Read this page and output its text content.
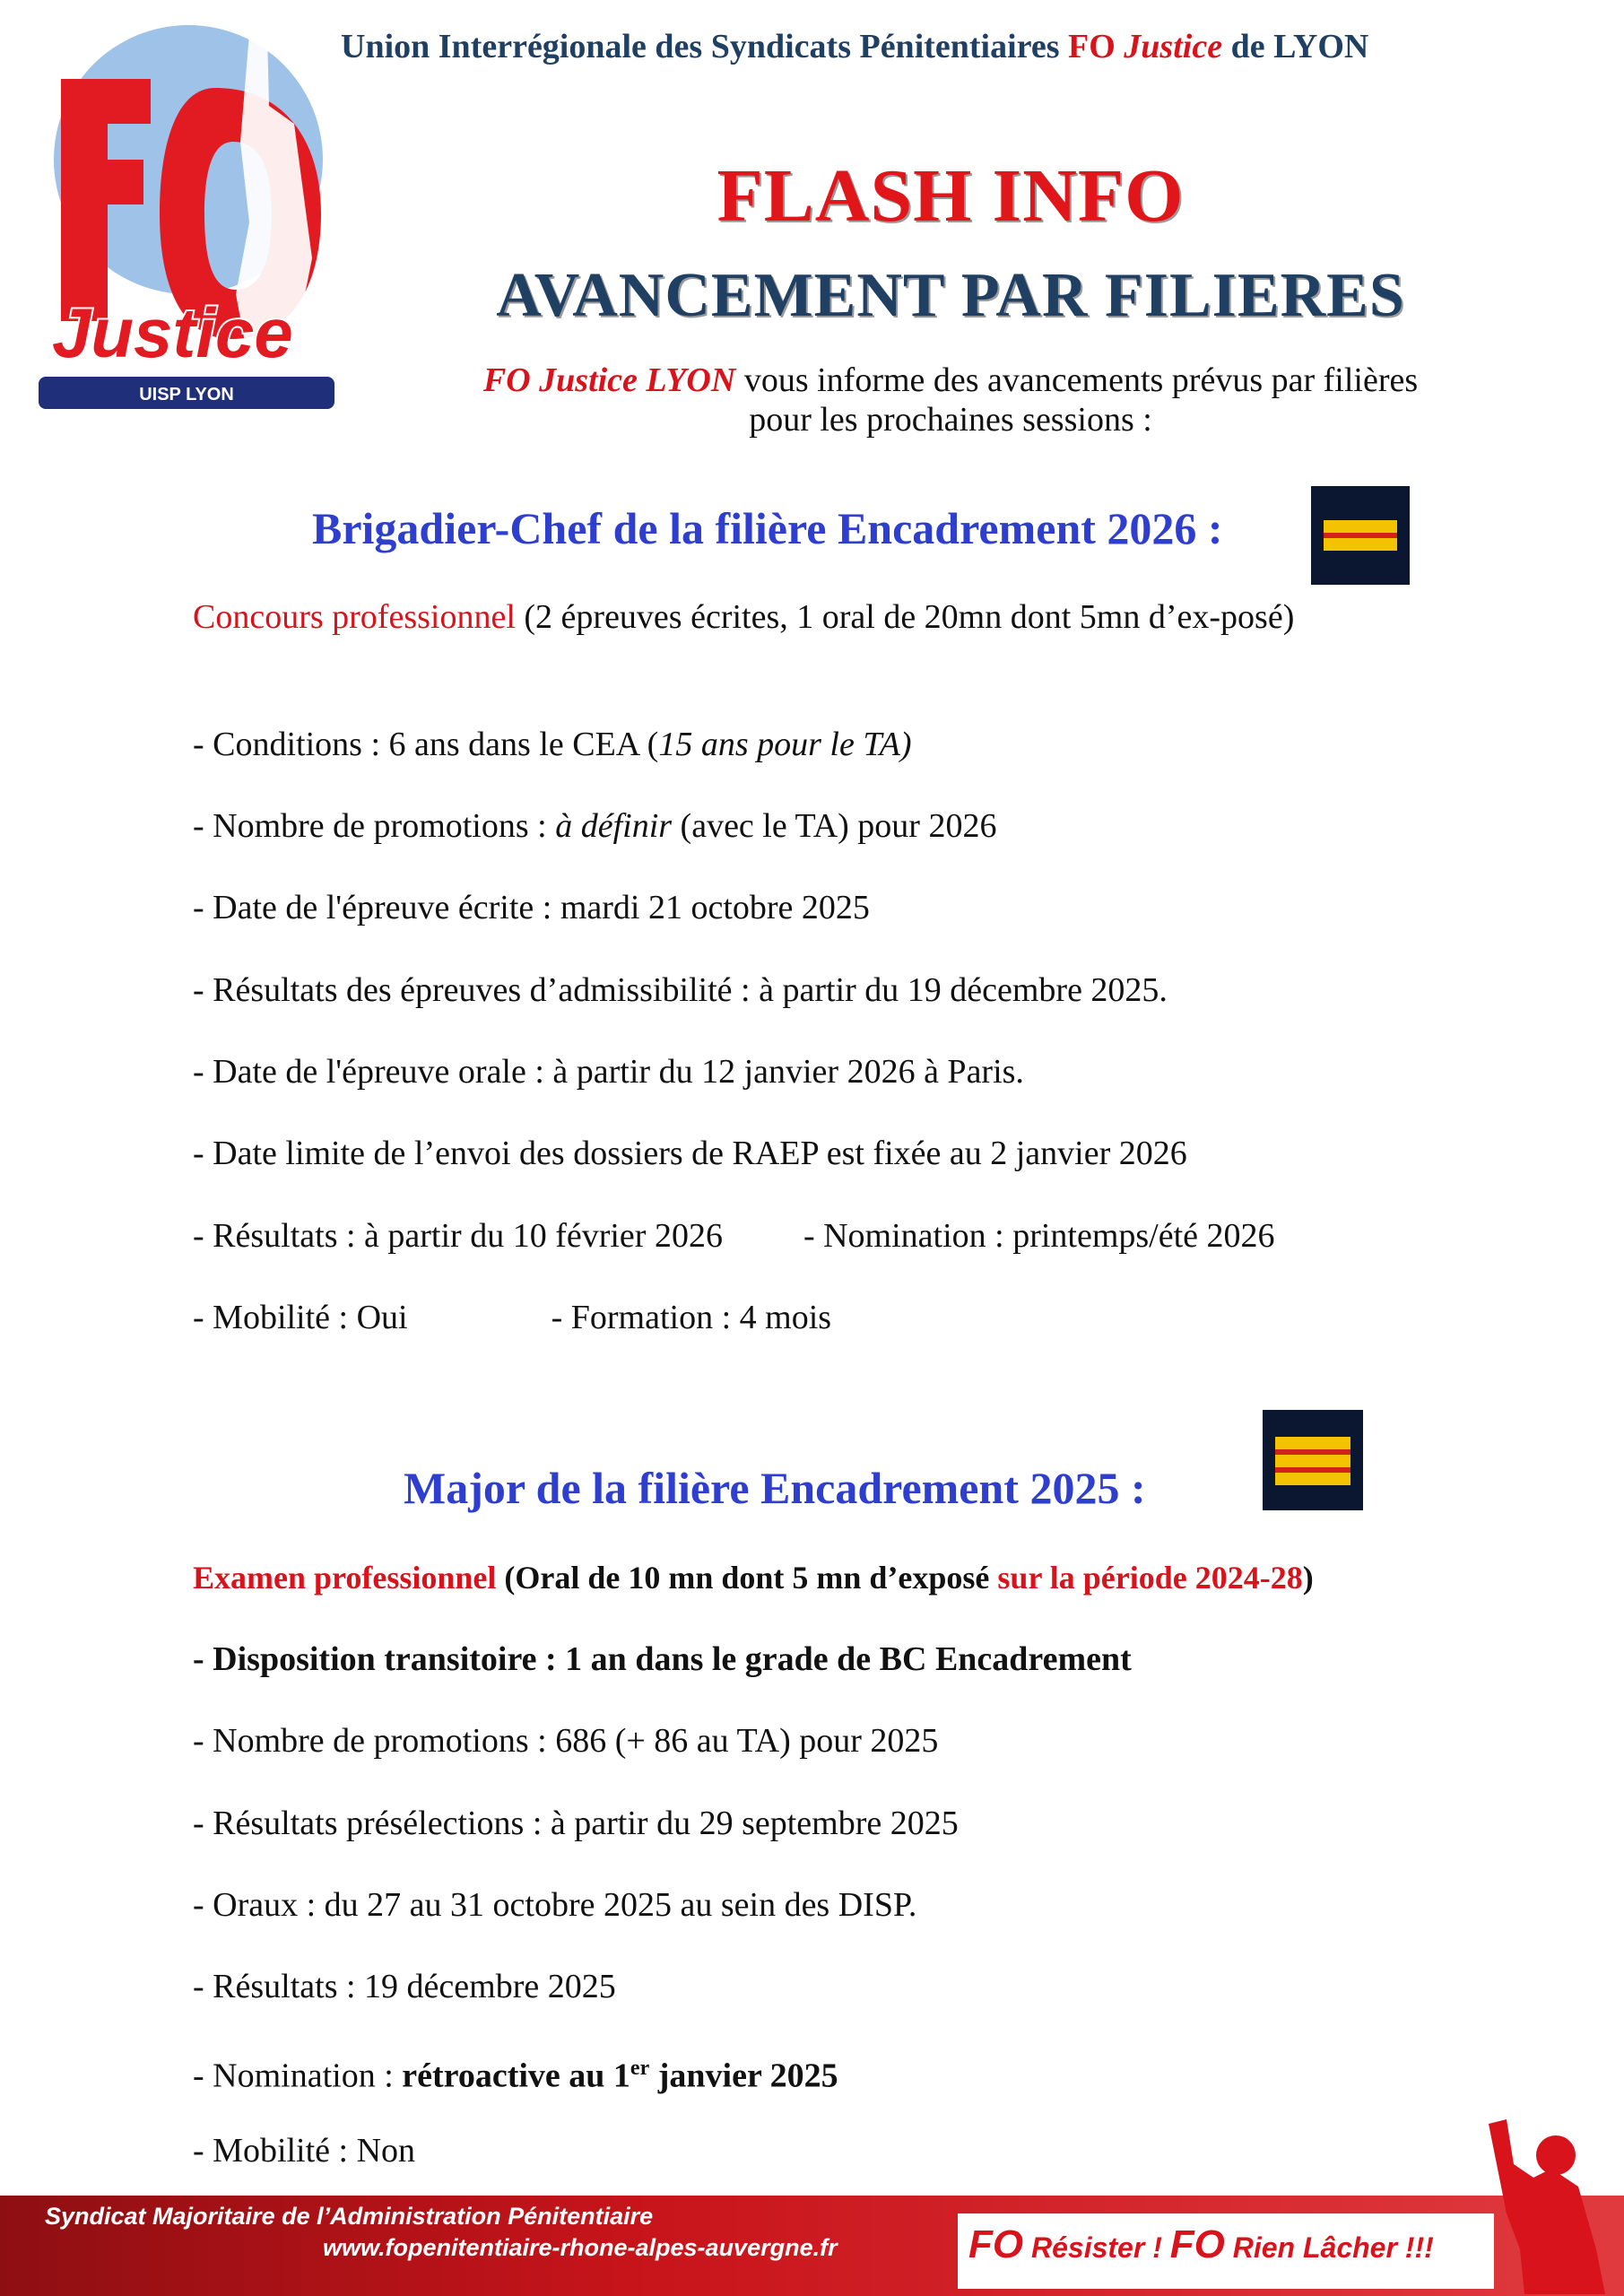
Union Interrégionale des Syndicats Pénitentiaires FO Justice de LYON
Justice
UISP LYON
FLASH INFO
AVANCEMENT PAR FILIERES
FO Justice LYON vous informe des avancements prévus par filières
pour les prochaines sessions :
Brigadier-Chef de la filière Encadrement 2026 :
Concours professionnel (2 épreuves écrites, 1 oral de 20mn dont 5mn d’ex-posé)
- Conditions : 6 ans dans le CEA (15 ans pour le TA)
- Nombre de promotions : à définir (avec le TA) pour 2026
- Date de l'épreuve écrite : mardi 21 octobre 2025
- Résultats des épreuves d’admissibilité : à partir du 19 décembre 2025.
- Date de l'épreuve orale : à partir du 12 janvier 2026 à Paris.
- Date limite de l’envoi des dossiers de RAEP est fixée au 2 janvier 2026
- Résultats : à partir du 10 février 2026 - Nomination : printemps/été 2026
- Mobilité : Oui	- Formation : 4 mois
Major de la filière Encadrement 2025 :
Examen professionnel (Oral de 10 mn dont 5 mn d’exposé sur la période 2024-28)
- Disposition transitoire : 1 an dans le grade de BC Encadrement
- Nombre de promotions : 686 (+ 86 au TA) pour 2025
- Résultats présélections : à partir du 29 septembre 2025
- Oraux : du 27 au 31 octobre 2025 au sein des DISP.
- Résultats : 19 décembre 2025
- Nomination : rétroactive au 1er janvier 2025
- Mobilité : Non
Syndicat Majoritaire de l’Administration Pénitentiaire
www.fopenitentiaire-rhone-alpes-auvergne.fr	FO Résister ! FO Rien Lâcher !!!
